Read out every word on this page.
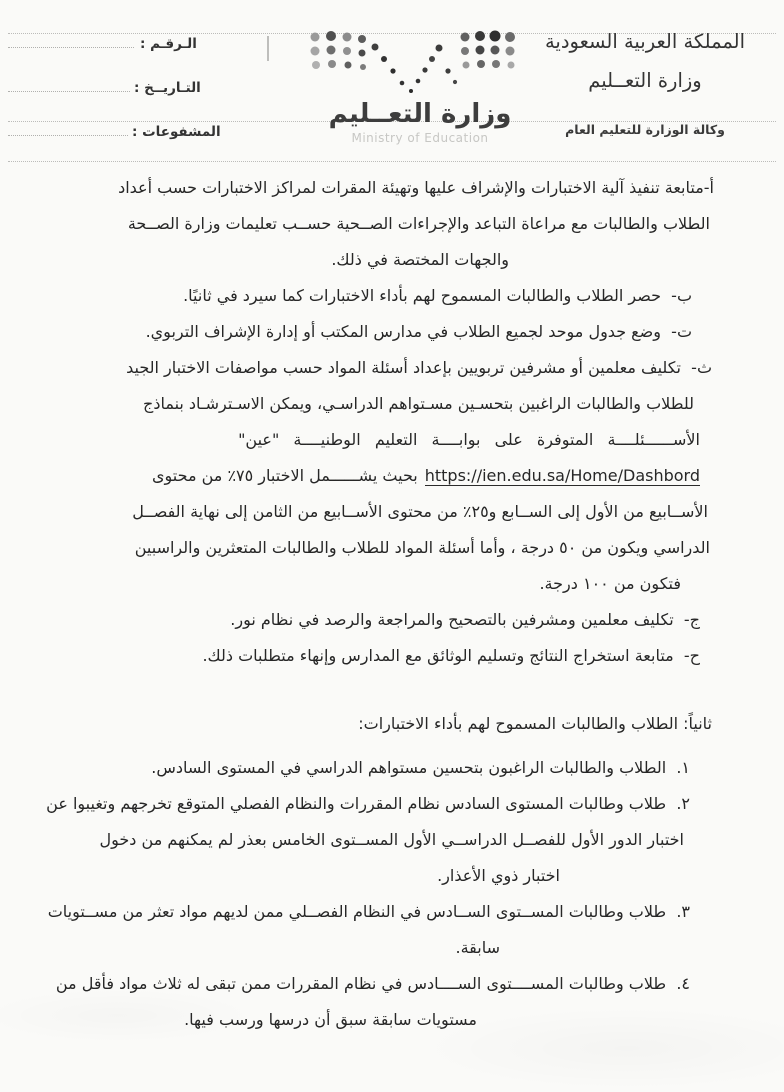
المملكة العربية السعودية
وزارة التعــليم
وكالة الوزارة للتعليم العام
وزارة التعــليم
Ministry of Education
الـرقـم :
التـاريــخ :
المشفوعات :
أ-متابعة تنفيذ آلية الاختبارات والإشراف عليها وتهيئة المقرات لمراكز الاختبارات حسب أعداد
الطلاب والطالبات مع مراعاة التباعد والإجراءات الصــحية حســب تعليمات وزارة الصــحة
والجهات المختصة في ذلك.
ب-  حصر الطلاب والطالبات المسموح لهم بأداء الاختبارات كما سيرد في ثانيًا.
ت-  وضع جدول موحد لجميع الطلاب في مدارس المكتب أو إدارة الإشراف التربوي.
ث-  تكليف معلمين أو مشرفين تربويين بإعداد أسئلة المواد حسب مواصفات الاختبار الجيد
للطلاب والطالبات الراغبين بتحسـين مسـتواهم الدراسـي، ويمكن الاسـترشـاد بنماذج
الأســــــئلــــة المتوفرة على بوابــــة التعليم الوطنيــــة "عين"
https://ien.edu.sa/Home/Dashbordبحيث يشــــــمل الاختبار ٧٥٪ من محتوى
الأســابيع من الأول إلى الســابع و٢٥٪ من محتوى الأســابيع من الثامن إلى نهاية الفصــل
الدراسي ويكون من ٥٠ درجة ، وأما أسئلة المواد للطلاب والطالبات المتعثرين والراسبين
فتكون من ١٠٠ درجة.
ج-  تكليف معلمين ومشرفين بالتصحيح والمراجعة والرصد في نظام نور.
ح-  متابعة استخراج النتائج وتسليم الوثائق مع المدارس وإنهاء متطلبات ذلك.
ثانياً: الطلاب والطالبات المسموح لهم بأداء الاختبارات:
١.  الطلاب والطالبات الراغبون بتحسين مستواهم الدراسي في المستوى السادس.
٢.  طلاب وطالبات المستوى السادس نظام المقررات والنظام الفصلي المتوقع تخرجهم وتغيبوا عن
اختبار الدور الأول للفصــل الدراســي الأول المســتوى الخامس بعذر لم يمكنهم من دخول
اختبار ذوي الأعذار.
٣.  طلاب وطالبات المســتوى الســادس في النظام الفصــلي ممن لديهم مواد تعثر من مســتويات
سابقة.
٤.  طلاب وطالبات المســــتوى الســــادس في نظام المقررات ممن تبقى له ثلاث مواد فأقل من
مستويات سابقة سبق أن درسها ورسب فيها.
